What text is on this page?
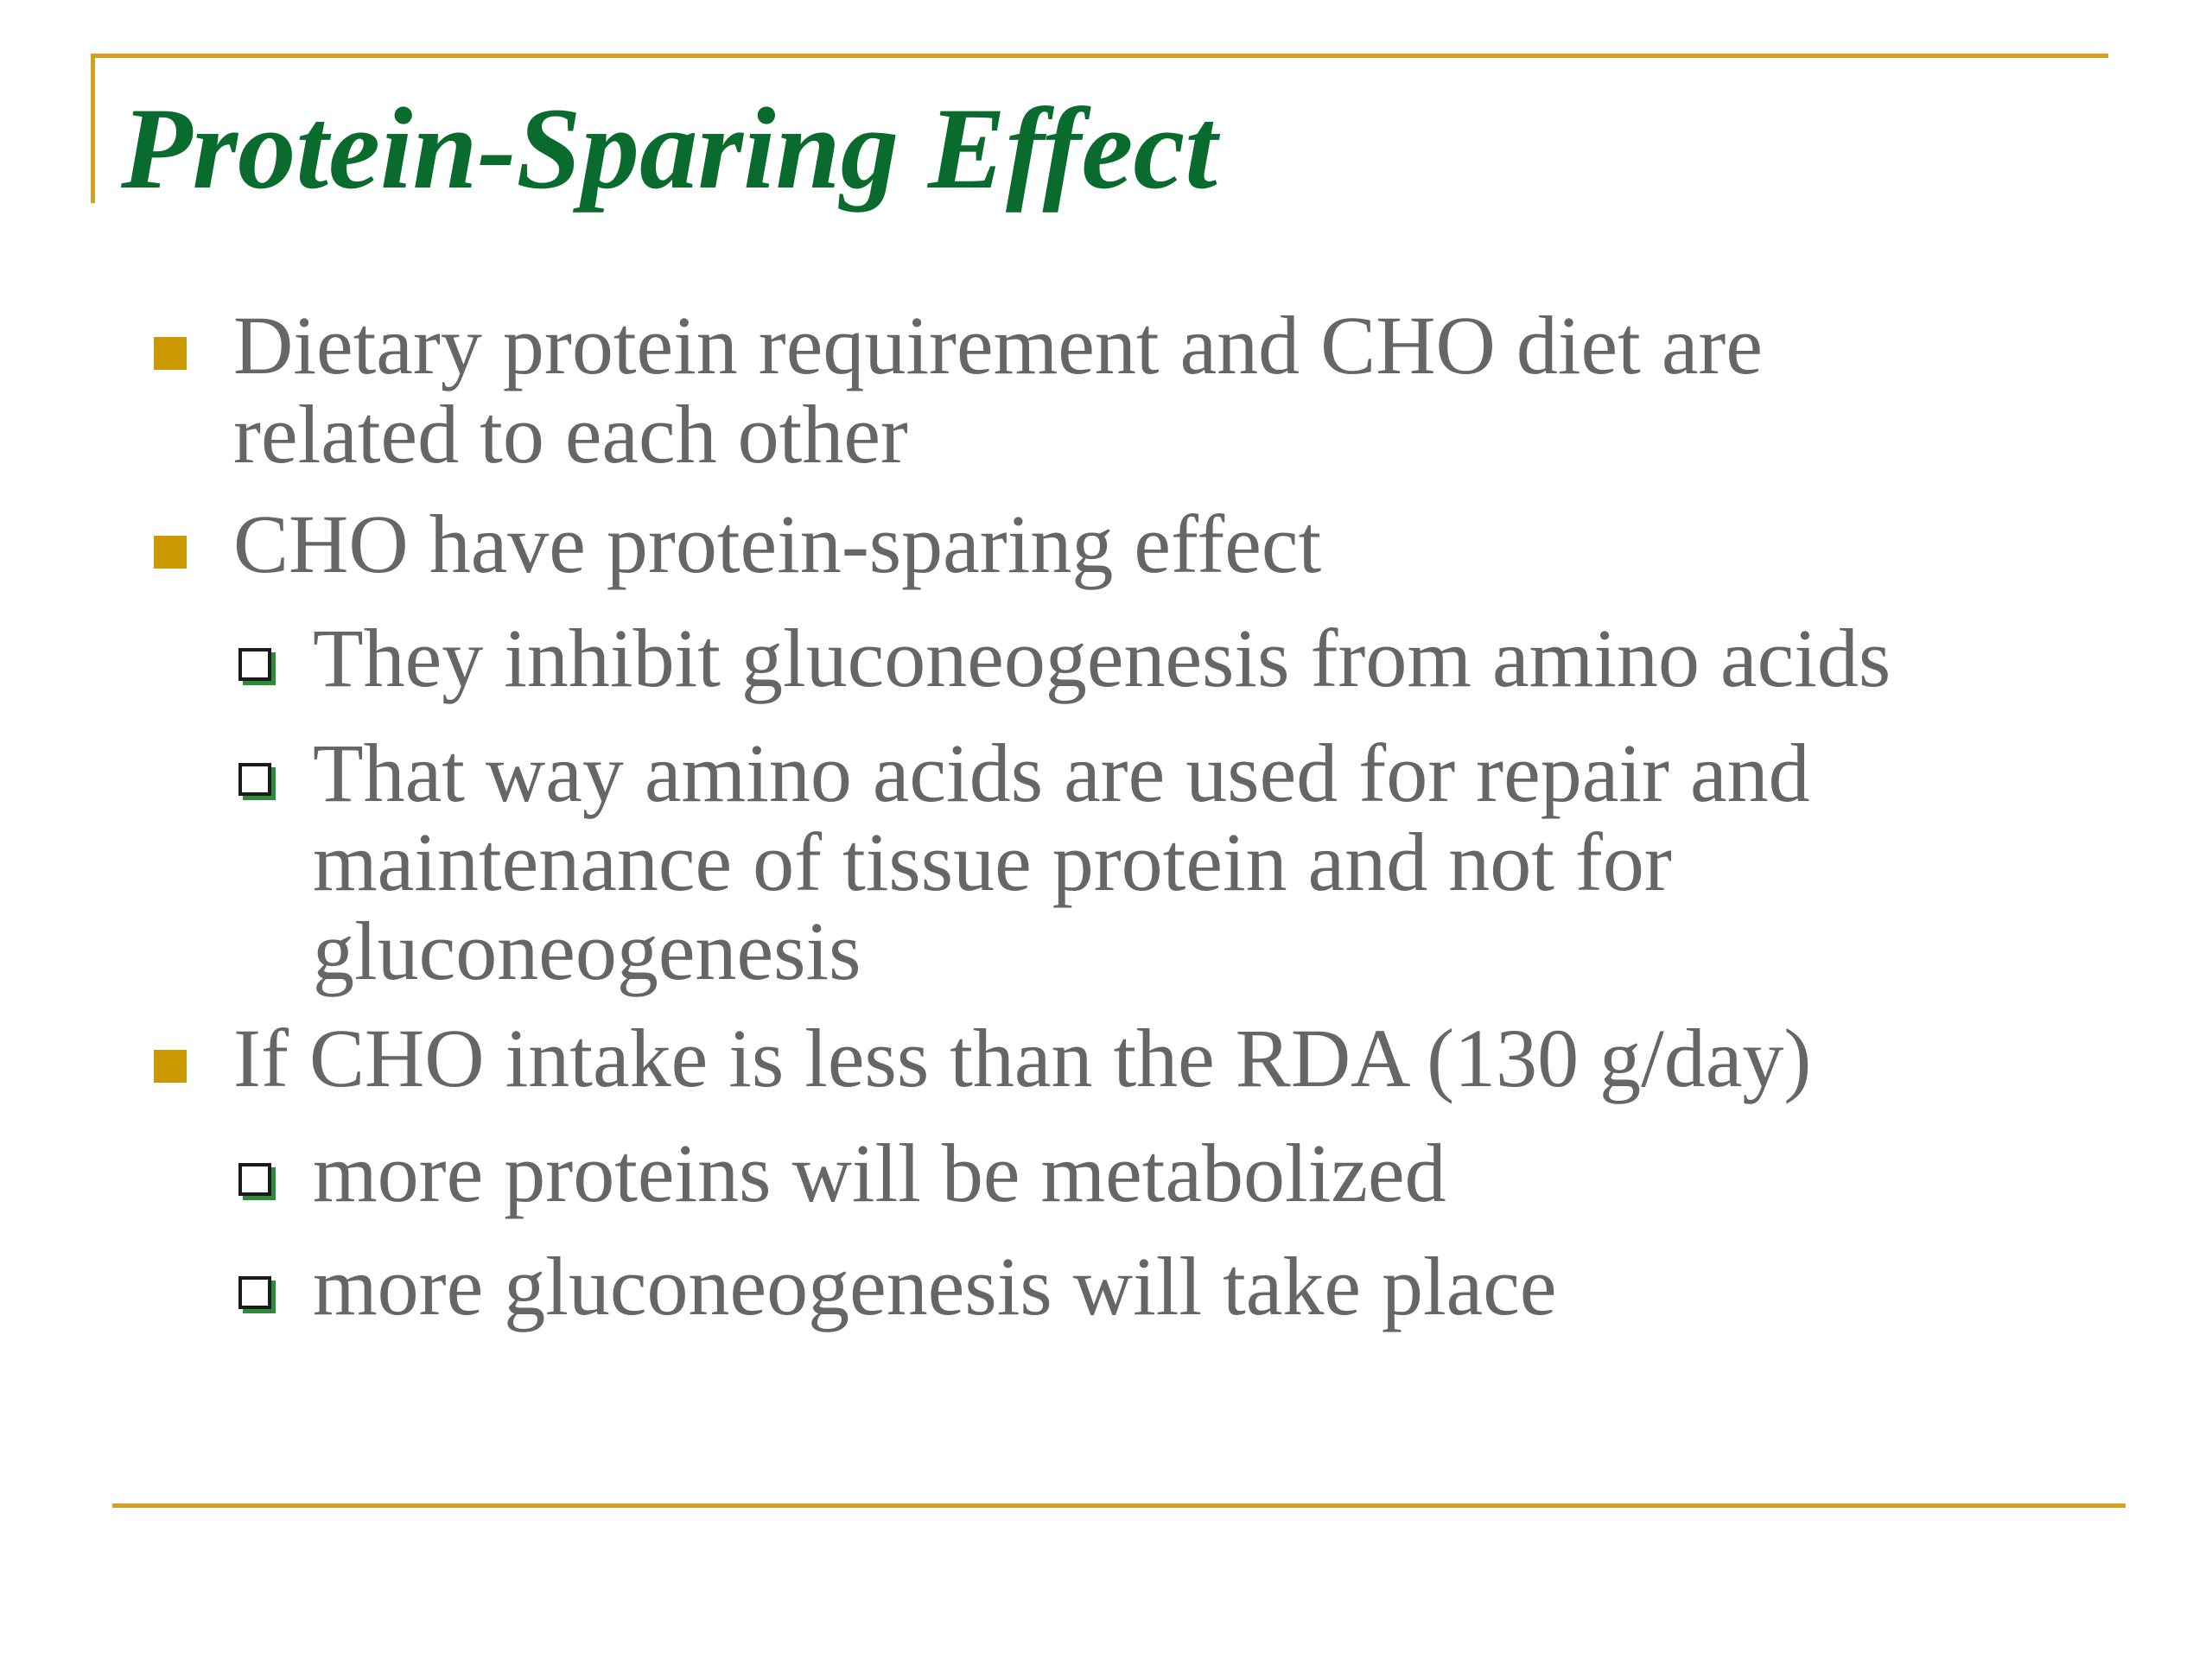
Protein-Sparing Effect
Dietary protein requirement and CHO diet are
related to each other
CHO have protein-sparing effect
They inhibit gluconeogenesis from amino acids
That way amino acids are used for repair and
maintenance of tissue protein and not for
gluconeogenesis
If CHO intake is less than the RDA (130 g/day)
more proteins will be metabolized
more gluconeogenesis will take place
